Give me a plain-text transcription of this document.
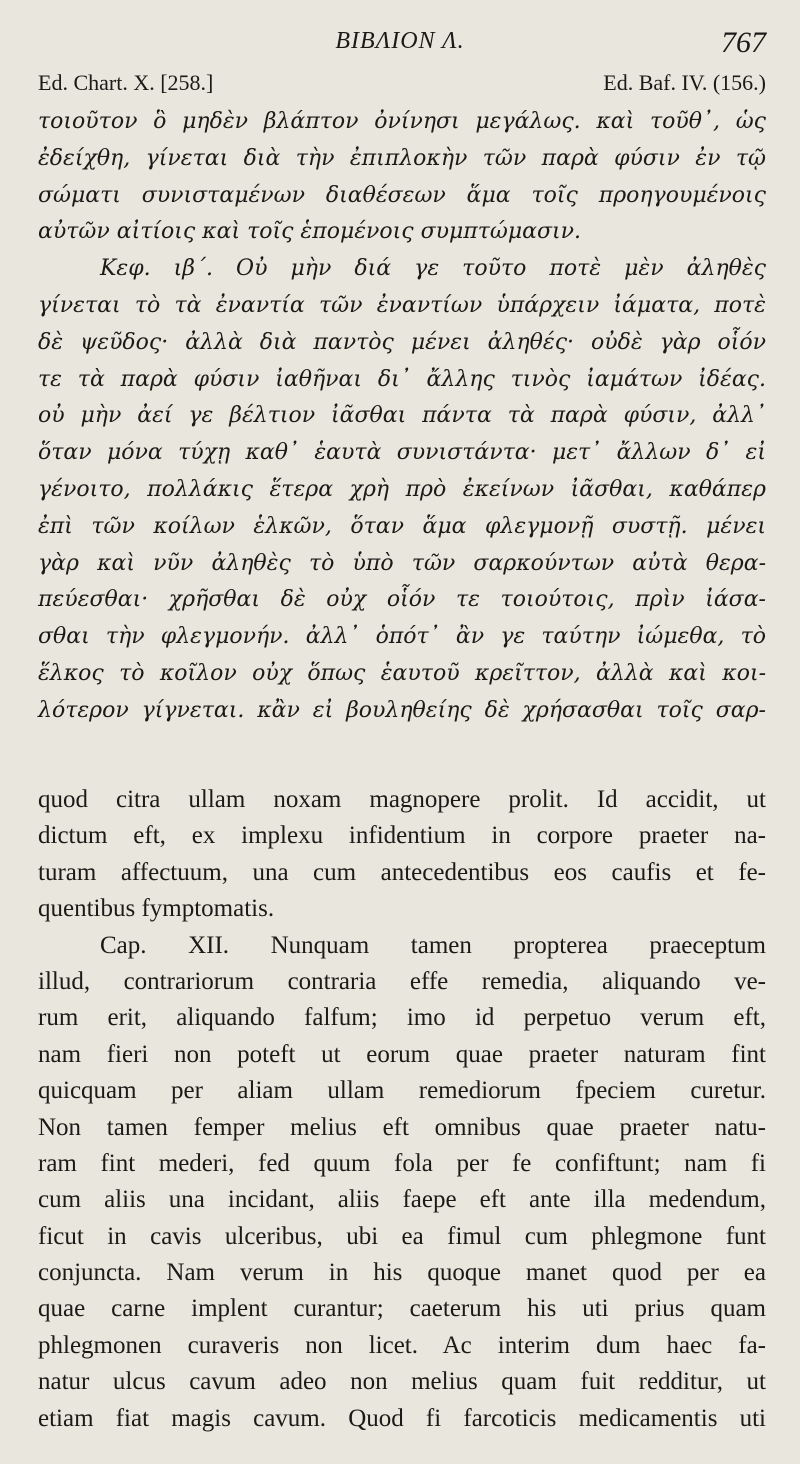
ΒΙΒΛΙΟΝ Λ.	767
Ed. Chart. X. [258.]	Ed. Baf. IV. (156.)
τοιοῦτον ὃ μηδὲν βλάπτον ὀνίνησι μεγάλως. καὶ τοῦθ᾽, ὡς
ἐδείχθη, γίνεται διὰ τὴν ἐπιπλοκὴν τῶν παρὰ φύσιν ἐν τῷ
σώματι συνισταμένων διαθέσεων ἅμα τοῖς προηγουμένοις
αὐτῶν αἰτίοις καὶ τοῖς ἑπομένοις συμπτώμασιν.
Κεφ. ιβ΄. Οὐ μὴν διά γε τοῦτο ποτὲ μὲν ἀληθὲς
γίνεται τὸ τὰ ἐναντία τῶν ἐναντίων ὑπάρχειν ἰάματα, ποτὲ
δὲ ψεῦδος· ἀλλὰ διὰ παντὸς μένει ἀληθές· οὐδὲ γὰρ οἷόν
τε τὰ παρὰ φύσιν ἰαθῆναι δι᾽ ἄλλης τινὸς ἰαμάτων ἰδέας.
οὐ μὴν ἀεί γε βέλτιον ἰᾶσθαι πάντα τὰ παρὰ φύσιν, ἀλλ᾽
ὅταν μόνα τύχῃ καθ᾽ ἑαυτὰ συνιστάντα· μετ᾽ ἄλλων δ᾽ εἰ
γένοιτο, πολλάκις ἕτερα χρὴ πρὸ ἐκείνων ἰᾶσθαι, καθάπερ
ἐπὶ τῶν κοίλων ἑλκῶν, ὅταν ἅμα φλεγμονῇ συστῇ. μένει
γὰρ καὶ νῦν ἀληθὲς τὸ ὑπὸ τῶν σαρκούντων αὐτὰ θερα-
πεύεσθαι· χρῆσθαι δὲ οὐχ οἷόν τε τοιούτοις, πρὶν ἰάσα-
σθαι τὴν φλεγμονήν. ἀλλ᾽ ὁπότ᾽ ἂν γε ταύτην ἰώμεθα, τὸ
ἕλκος τὸ κοῖλον οὐχ ὅπως ἑαυτοῦ κρεῖττον, ἀλλὰ καὶ κοι-
λότερον γίγνεται. κἂν εἰ βουληθείης δὲ χρήσασθαι τοῖς σαρ-
quod citra ullam noxam magnopere prolit. Id accidit, ut
dictum eft, ex implexu infidentium in corpore praeter na-
turam affectuum, una cum antecedentibus eos caufis et fe-
quentibus fymptomatis.
Cap. XII. Nunquam tamen propterea praeceptum
illud, contrariorum contraria effe remedia, aliquando ve-
rum erit, aliquando falfum; imo id perpetuo verum eft,
nam fieri non poteft ut eorum quae praeter naturam fint
quicquam per aliam ullam remediorum fpeciem curetur.
Non tamen femper melius eft omnibus quae praeter natu-
ram fint mederi, fed quum fola per fe confiftunt; nam fi
cum aliis una incidant, aliis faepe eft ante illa medendum,
ficut in cavis ulceribus, ubi ea fimul cum phlegmone funt
conjuncta. Nam verum in his quoque manet quod per ea
quae carne implent curantur; caeterum his uti prius quam
phlegmonen curaveris non licet. Ac interim dum haec fa-
natur ulcus cavum adeo non melius quam fuit redditur, ut
etiam fiat magis cavum. Quod fi farcoticis medicamentis uti
